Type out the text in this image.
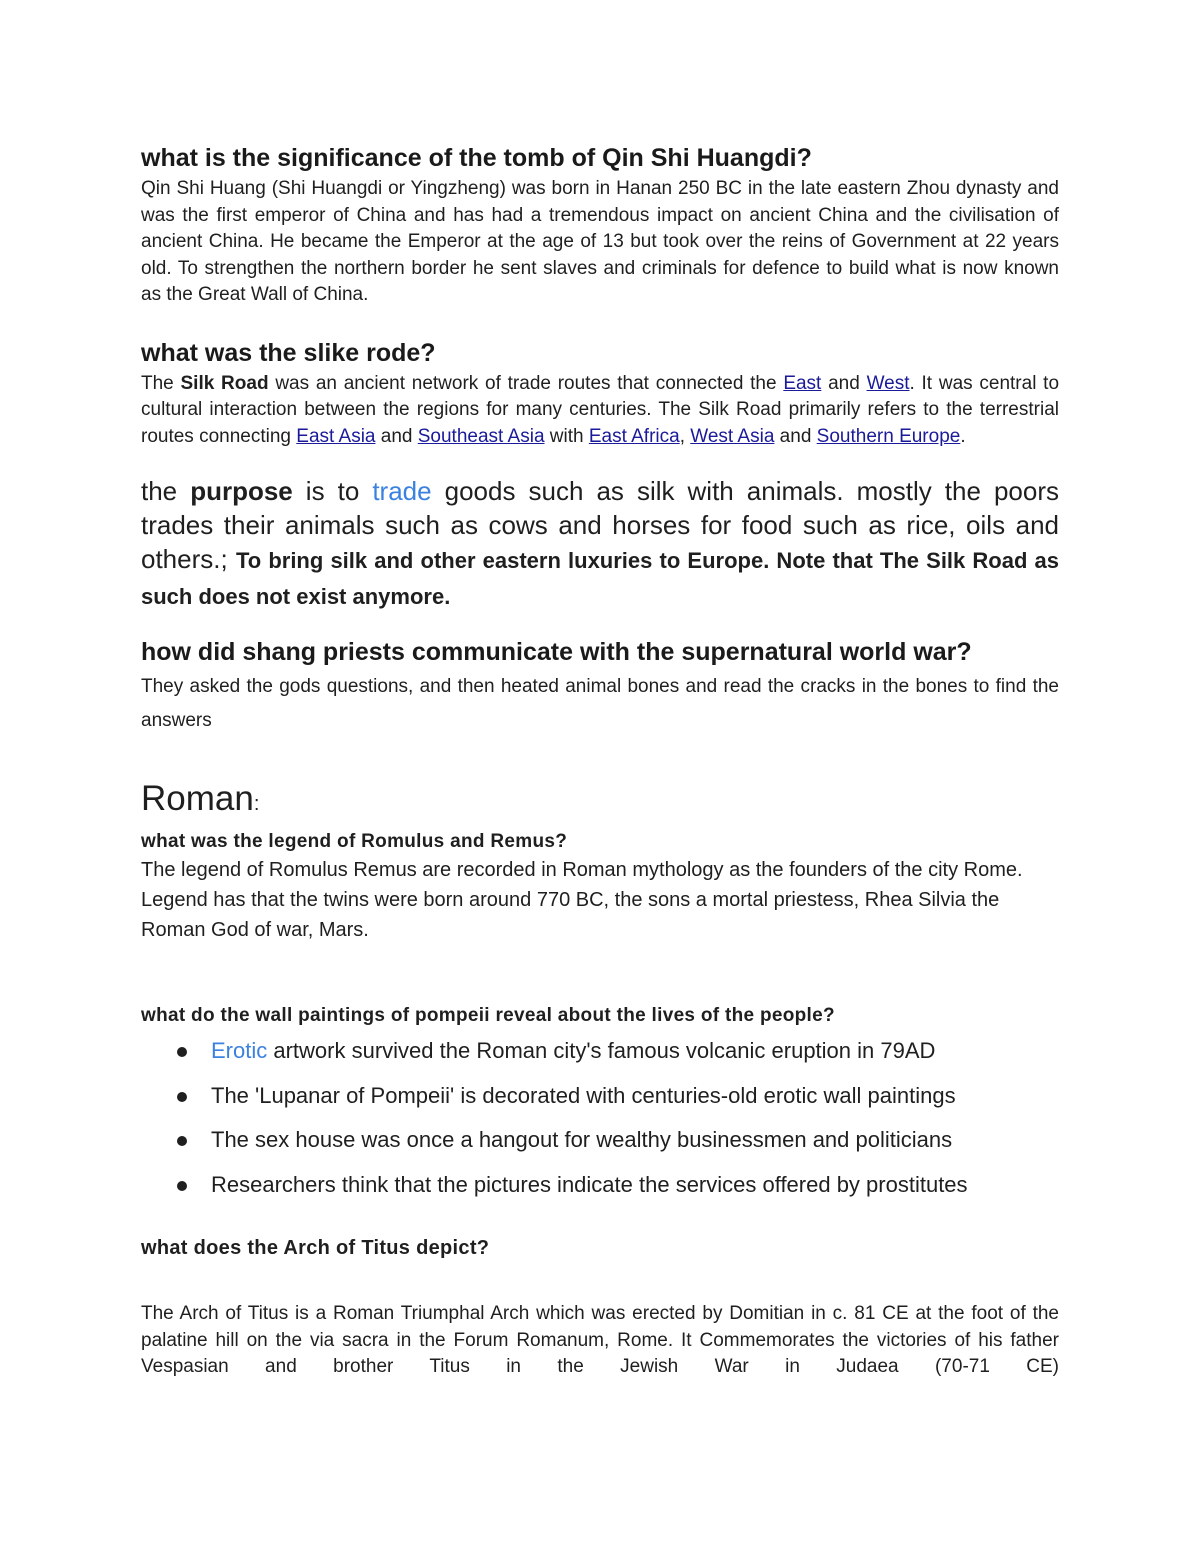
what is the significance of the tomb of Qin Shi Huangdi?

Qin Shi Huang (Shi Huangdi or Yingzheng) was born in Hanan 250 BC in the late eastern Zhou dynasty and was the first emperor of China and has had a tremendous impact on ancient China and the civilisation of ancient China. He became the Emperor at the age of 13 but took over the reins of Government at 22 years old. To strengthen the northern border he sent slaves and criminals for defence to build what is now known as the Great Wall of China.

what was the slike rode?

The Silk Road was an ancient network of trade routes that connected the East and West. It was central to cultural interaction between the regions for many centuries. The Silk Road primarily refers to the terrestrial routes connecting East Asia and Southeast Asia with East Africa, West Asia and Southern Europe.

the purpose is to trade goods such as silk with animals. mostly the poors trades their animals such as cows and horses for food such as rice, oils and others.; To bring silk and other eastern luxuries to Europe. Note that The Silk Road as such does not exist anymore.

how did shang priests communicate with the supernatural world war?

They asked the gods questions, and then heated animal bones and read the cracks in the bones to find the answers

Roman:

what was the legend of Romulus and Remus?

The legend of Romulus Remus are recorded in Roman mythology as the founders of the city Rome. Legend has that the twins were born around 770 BC, the sons a mortal priestess, Rhea Silvia the Roman God of war, Mars.

what do the wall paintings of pompeii reveal about the lives of the people?

Erotic artwork survived the Roman city's famous volcanic eruption in 79AD
The 'Lupanar of Pompeii' is decorated with centuries-old erotic wall paintings
The sex house was once a hangout for wealthy businessmen and politicians
Researchers think that the pictures indicate the services offered by prostitutes

what does the Arch of Titus depict?

The Arch of Titus is a Roman Triumphal Arch which was erected by Domitian in c. 81 CE at the foot of the palatine hill on the via sacra in the Forum Romanum, Rome. It Commemorates the victories of his father Vespasian and brother Titus in the Jewish War in Judaea (70-71 CE)
